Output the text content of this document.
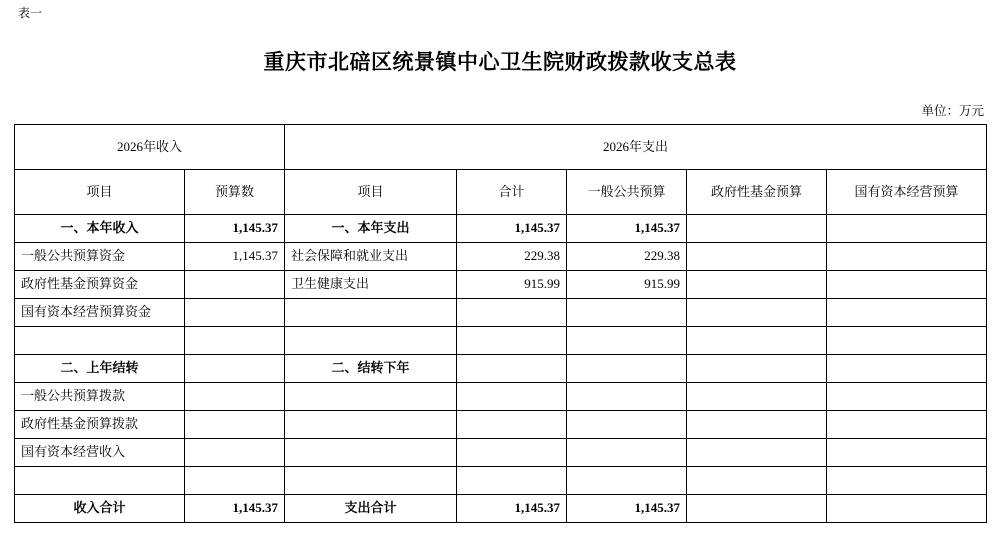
表一
重庆市北碚区统景镇中心卫生院财政拨款收支总表
单位：万元
2026年收入		2026年支出				
项目	预算数	项目	合计	一般公共预算	政府性基金预算	国有资本经营预算
一、本年收入	1,145.37	一、本年支出	1,145.37	1,145.37		
一般公共预算资金	1,145.37	社会保障和就业支出	229.38	229.38		
政府性基金预算资金		卫生健康支出	915.99	915.99		
国有资本经营预算资金						

二、上年结转		二、结转下年				
一般公共预算拨款						
政府性基金预算拨款						
国有资本经营收入						

收入合计	1,145.37	支出合计	1,145.37	1,145.37		
